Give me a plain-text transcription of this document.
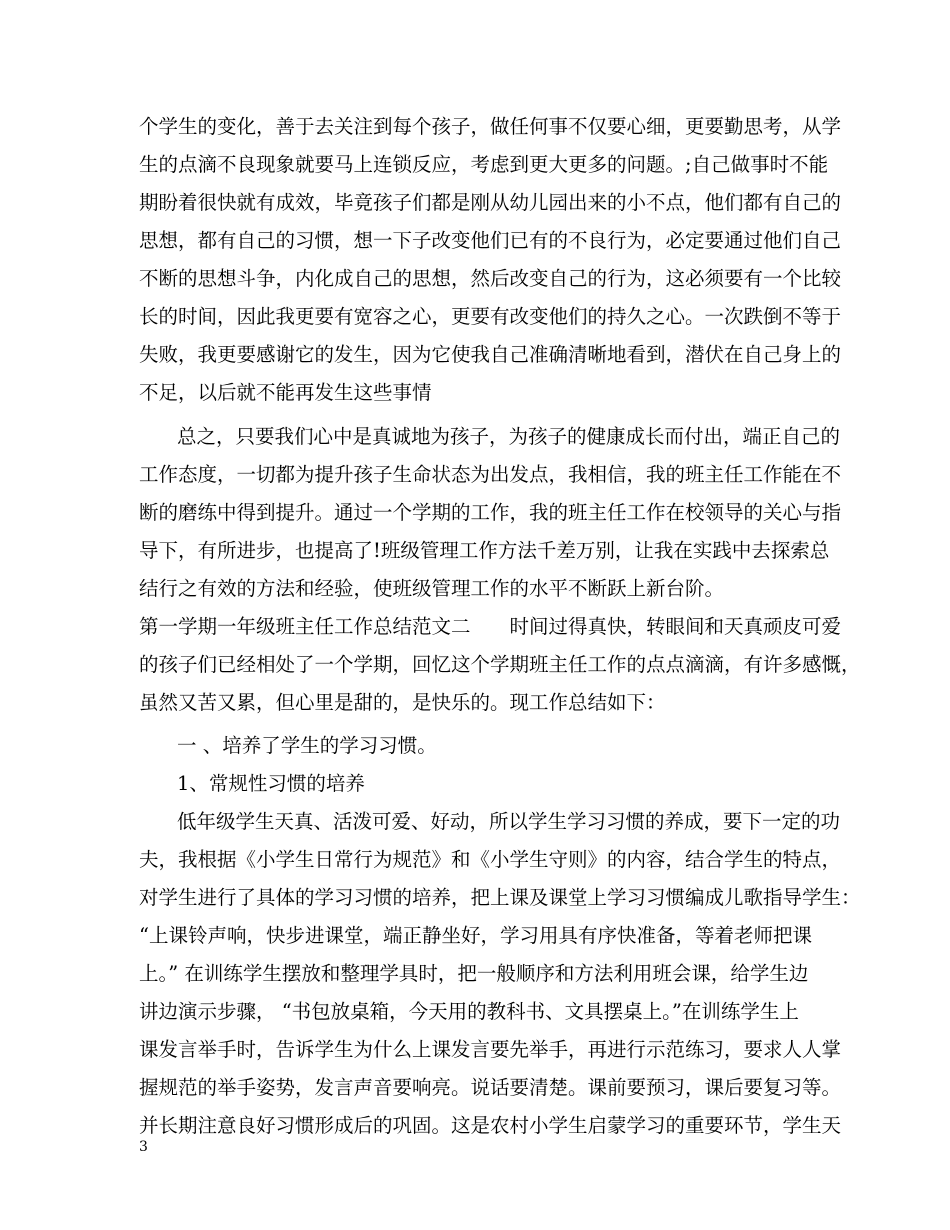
个学生的变化，善于去关注到每个孩子，做任何事不仅要心细，更要勤思考，从学
生的点滴不良现象就要马上连锁反应，考虑到更大更多的问题。;自己做事时不能
期盼着很快就有成效，毕竟孩子们都是刚从幼儿园出来的小不点，他们都有自己的
思想，都有自己的习惯，想一下子改变他们已有的不良行为，必定要通过他们自己
不断的思想斗争，内化成自己的思想，然后改变自己的行为，这必须要有一个比较
长的时间，因此我更要有宽容之心，更要有改变他们的持久之心。一次跌倒不等于
失败，我更要感谢它的发生，因为它使我自己准确清晰地看到，潜伏在自己身上的
不足，以后就不能再发生这些事情
总之，只要我们心中是真诚地为孩子，为孩子的健康成长而付出，端正自己的
工作态度，一切都为提升孩子生命状态为出发点，我相信，我的班主任工作能在不
断的磨练中得到提升。通过一个学期的工作，我的班主任工作在校领导的关心与指
导下，有所进步，也提高了!班级管理工作方法千差万别，让我在实践中去探索总
结行之有效的方法和经验，使班级管理工作的水平不断跃上新台阶。
第一学期一年级班主任工作总结范文二　　时间过得真快，转眼间和天真顽皮可爱
的孩子们已经相处了一个学期，回忆这个学期班主任工作的点点滴滴，有许多感慨，
虽然又苦又累，但心里是甜的，是快乐的。现工作总结如下：
一 、培养了学生的学习习惯。
1、常规性习惯的培养
低年级学生天真、活泼可爱、好动，所以学生学习习惯的养成，要下一定的功
夫，我根据《小学生日常行为规范》和《小学生守则》的内容，结合学生的特点，
对学生进行了具体的学习习惯的培养，把上课及课堂上学习习惯编成儿歌指导学生：
“上课铃声响，快步进课堂，端正静坐好，学习用具有序快准备，等着老师把课
上。” 在训练学生摆放和整理学具时，把一般顺序和方法利用班会课，给学生边
讲边演示步骤， “书包放桌箱，今天用的教科书、文具摆桌上。”在训练学生上
课发言举手时，告诉学生为什么上课发言要先举手，再进行示范练习，要求人人掌
握规范的举手姿势，发言声音要响亮。说话要清楚。课前要预习，课后要复习等。
并长期注意良好习惯形成后的巩固。这是农村小学生启蒙学习的重要环节，学生天
3
